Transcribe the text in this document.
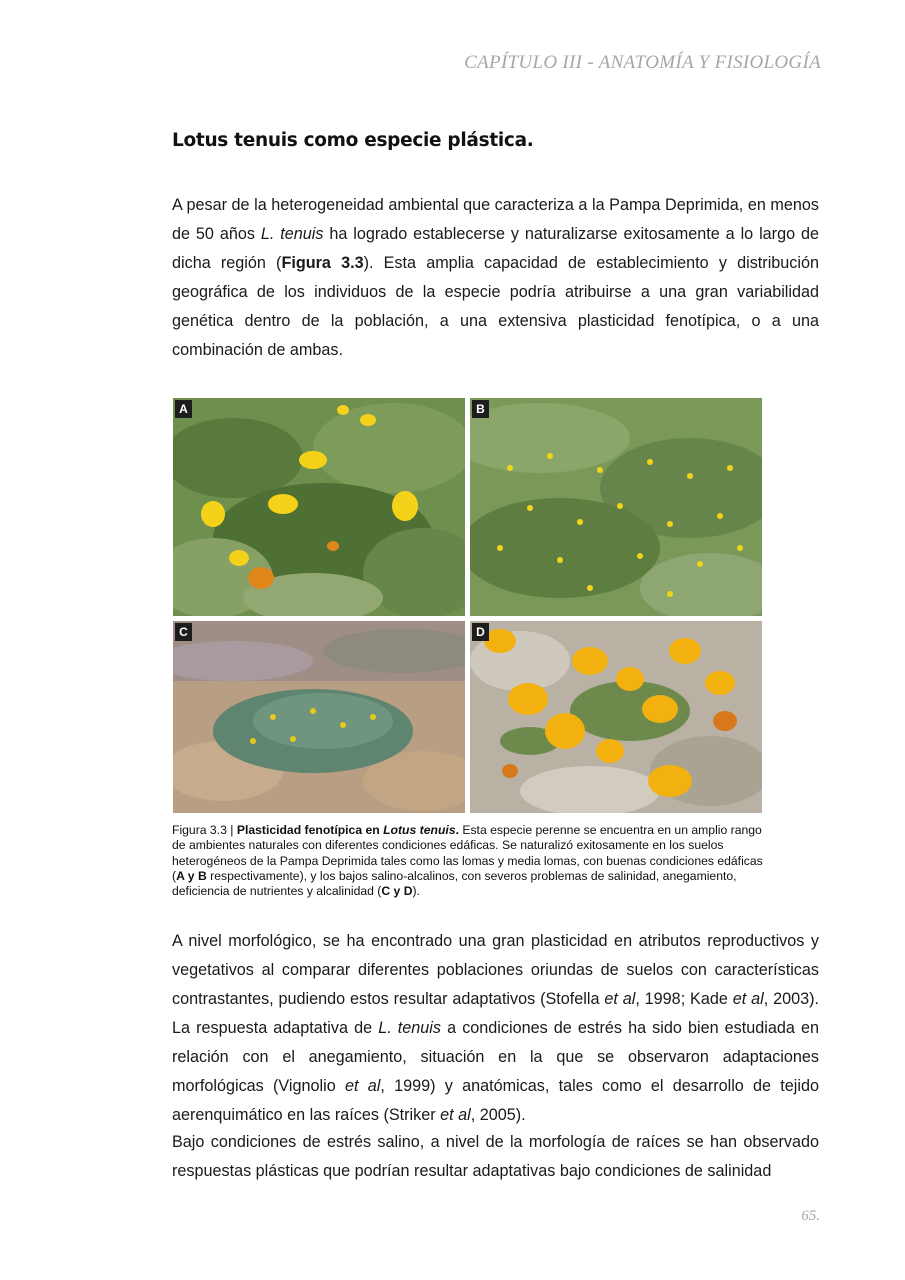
CAPÍTULO III - ANATOMÍA Y FISIOLOGÍA
Lotus tenuis como especie plástica.

A pesar de la heterogeneidad ambiental que caracteriza a la Pampa Deprimida, en menos de 50 años L. tenuis ha logrado establecerse y naturalizarse exitosamente a lo largo de dicha región (Figura 3.3). Esta amplia capacidad de establecimiento y distribución geográfica de los individuos de la especie podría atribuirse a una gran variabilidad genética dentro de la población, a una extensiva plasticidad fenotípica, o a una combinación de ambas.

A	B
C	D

Figura 3.3 | Plasticidad fenotípica en Lotus tenuis. Esta especie perenne se encuentra en un amplio rango de ambientes naturales con diferentes condiciones edáficas. Se naturalizó exitosamente en los suelos heterogéneos de la Pampa Deprimida tales como las lomas y media lomas, con buenas condiciones edáficas (A y B respectivamente), y los bajos salino-alcalinos, con severos problemas de salinidad, anegamiento, deficiencia de nutrientes y alcalinidad (C y D).

A nivel morfológico, se ha encontrado una gran plasticidad en atributos reproductivos y vegetativos al comparar diferentes poblaciones oriundas de suelos con características contrastantes, pudiendo estos resultar adaptativos (Stofella et al, 1998; Kade et al, 2003). La respuesta adaptativa de L. tenuis a condiciones de estrés ha sido bien estudiada en relación con el anegamiento, situación en la que se observaron adaptaciones morfológicas (Vignolio et al, 1999) y anatómicas, tales como el desarrollo de tejido aerenquimático en las raíces (Striker et al, 2005).

Bajo condiciones de estrés salino, a nivel de la morfología de raíces se han observado respuestas plásticas que podrían resultar adaptativas bajo condiciones de salinidad

65.
